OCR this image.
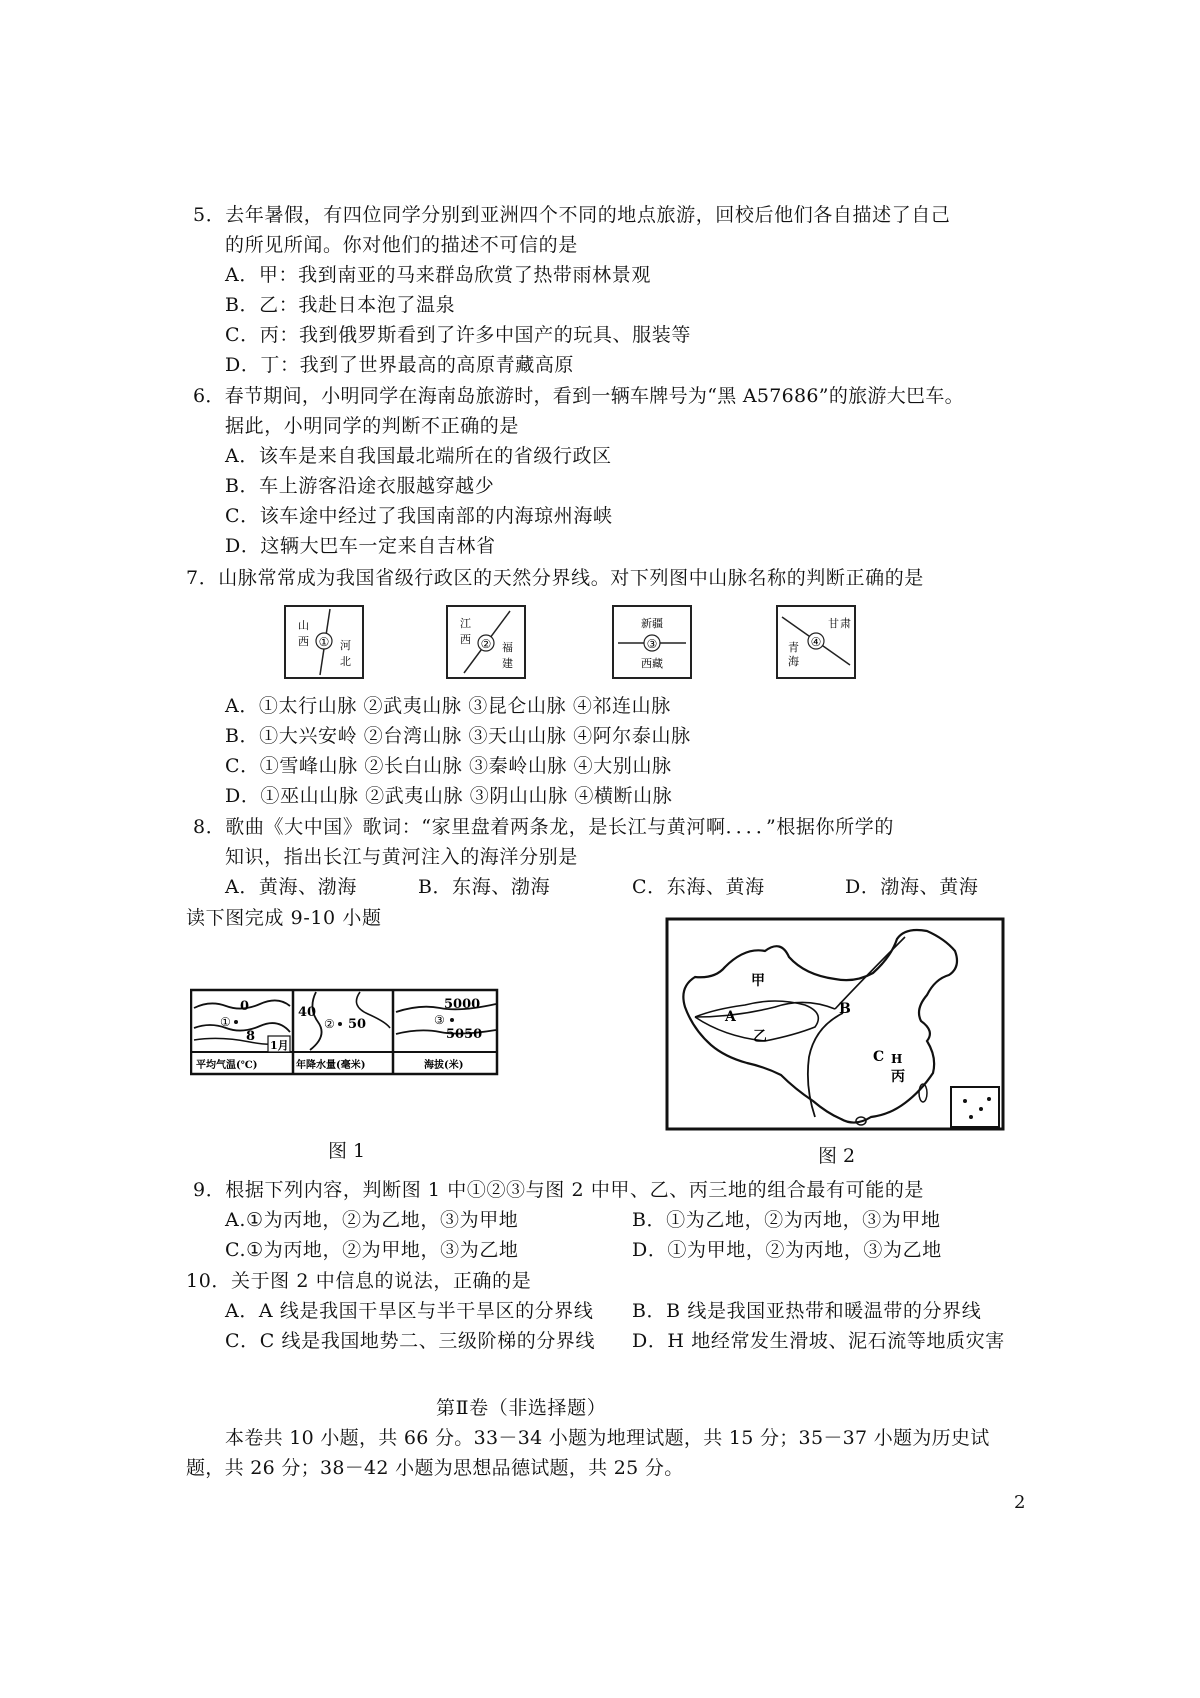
5．去年暑假，有四位同学分别到亚洲四个不同的地点旅游，回校后他们各自描述了自己
的所见所闻。你对他们的描述不可信的是
A．甲：我到南亚的马来群岛欣赏了热带雨林景观
B．乙：我赴日本泡了温泉
C．丙：我到俄罗斯看到了许多中国产的玩具、服装等
D．丁：我到了世界最高的高原青藏高原
6．春节期间，小明同学在海南岛旅游时，看到一辆车牌号为“黑 A57686”的旅游大巴车。
据此，小明同学的判断不正确的是
A．该车是来自我国最北端所在的省级行政区
B．车上游客沿途衣服越穿越少
C．该车途中经过了我国南部的内海琼州海峡
D．这辆大巴车一定来自吉林省
7．山脉常常成为我国省级行政区的天然分界线。对下列图中山脉名称的判断正确的是
①
山
西	河
北
②
江
西
福
建
③
新疆
西藏
④
甘 肃
青
海
A．①太行山脉 ②武夷山脉 ③昆仑山脉 ④祁连山脉
B．①大兴安岭 ②台湾山脉 ③天山山脉 ④阿尔泰山脉
C．①雪峰山脉 ②长白山脉 ③秦岭山脉 ④大别山脉
D．①巫山山脉 ②武夷山脉 ③阴山山脉 ④横断山脉
8．歌曲《大中国》歌词：“家里盘着两条龙，是长江与黄河啊．．．．”根据你所学的
知识，指出长江与黄河注入的海洋分别是
A．黄海、渤海	B．东海、渤海	C．东海、黄海	D．渤海、黄海
读下图完成 9-10 小题
0
①
8
1月
平均气温(℃)
40
② 50
年降水量(毫米)
5000
③
5050
海拔(米)
图 1
甲
A
乙
B
C H
丙
图 2
9．根据下列内容，判断图 1 中①②③与图 2 中甲、乙、丙三地的组合最有可能的是
A.①为丙地，②为乙地，③为甲地	B．①为乙地，②为丙地，③为甲地
C.①为丙地，②为甲地，③为乙地	D．①为甲地，②为丙地，③为乙地
10．关于图 2 中信息的说法，正确的是
A．A 线是我国干旱区与半干旱区的分界线 B．B 线是我国亚热带和暖温带的分界线
C．C 线是我国地势二、三级阶梯的分界线 D．H 地经常发生滑坡、泥石流等地质灾害
第Ⅱ卷（非选择题）
本卷共 10 小题，共 66 分。33－34 小题为地理试题，共 15 分；35－37 小题为历史试
题，共 26 分；38－42 小题为思想品德试题，共 25 分。
2
